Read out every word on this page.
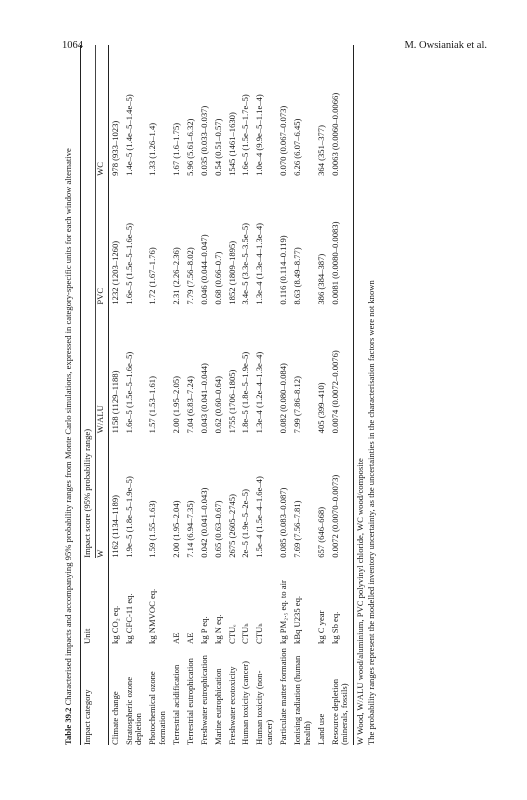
1064	M. Owsianiak et al.

Table 39.2 Characterised impacts and accompanying 95% probability ranges from Monte Carlo simulations, expressed in category-specific units for each window alternative

Impact category	Unit	Impact score (95% probability range)			
		W	W/ALU	PVC	WC
Climate change	kg CO₂ eq.	1162 (1134–1189)	1158 (1129–1188)	1232 (1203–1260)	978 (933–1023)
Stratospheric ozone depletion	kg CFC-11 eq.	1.9e–5 (1.8e–5–1.9e–5)	1.6e–5 (1.5e–5–1.6e–5)	1.6e–5 (1.5e–5–1.6e–5)	1.4e–5 (1.4e–5–1.4e–5)
Photochemical ozone formation	kg NMVOC eq.	1.59 (1.55–1.63)	1.57 (1.53–1.61)	1.72 (1.67–1.76)	1.33 (1.26–1.4)
Terrestrial acidification	AE	2.00 (1.95–2.04)	2.00 (1.95–2.05)	2.31 (2.26–2.36)	1.67 (1.6–1.75)
Terrestrial eutrophication	AE	7.14 (6.94–7.35)	7.04 (6.83–7.24)	7.79 (7.56–8.02)	5.96 (5.61–6.32)
Freshwater eutrophication	kg P eq.	0.042 (0.041–0.043)	0.043 (0.041–0.044)	0.046 (0.044–0.047)	0.035 (0.033–0.037)
Marine eutrophication	kg N eq.	0.65 (0.63–0.67)	0.62 (0.60–0.64)	0.68 (0.66–0.7)	0.54 (0.51–0.57)
Freshwater ecotoxicity	CTUₑ	2675 (2605–2745)	1755 (1706–1805)	1852 (1809–1895)	1545 (1461–1630)
Human toxicity (cancer)	CTUₕ	2e–5 (1.9e–5–2e–5)	1.8e–5 (1.8e–5–1.9e–5)	3.4e–5 (3.3e–5–3.5e–5)	1.6e–5 (1.5e–5–1.7e–5)
Human toxicity (non-cancer)	CTUₕ	1.5e–4 (1.5e–4–1.6e–4)	1.3e–4 (1.2e–4–1.3e–4)	1.3e–4 (1.3e–4–1.3e–4)	1.0e–4 (9.9e–5–1.1e–4)
Particulate matter formation	kg PM₂.₅ eq. to air	0.085 (0.083–0.087)	0.082 (0.080–0.084)	0.116 (0.114–0.119)	0.070 (0.067–0.073)
Ionising radiation (human health)	kBq U235 eq.	7.69 (7.56–7.81)	7.99 (7.86–8.12)	8.63 (8.49–8.77)	6.26 (6.07–6.45)
Land use	kg C year	657 (646–668)	405 (399–410)	386 (384–387)	364 (351–377)
Resource depletion (minerals, fossils)	kg Sb eq.	0.0072 (0.0070–0.0073)	0.0074 (0.0072–0.0076)	0.0081 (0.0080–0.0083)	0.0063 (0.0060–0.0066)

W Wood, W/ALU wood/aluminium, PVC polyvinyl chloride, WC wood/composite The probability ranges represent the modelled inventory uncertainty, as the uncertainties in the characterisation factors were not known
